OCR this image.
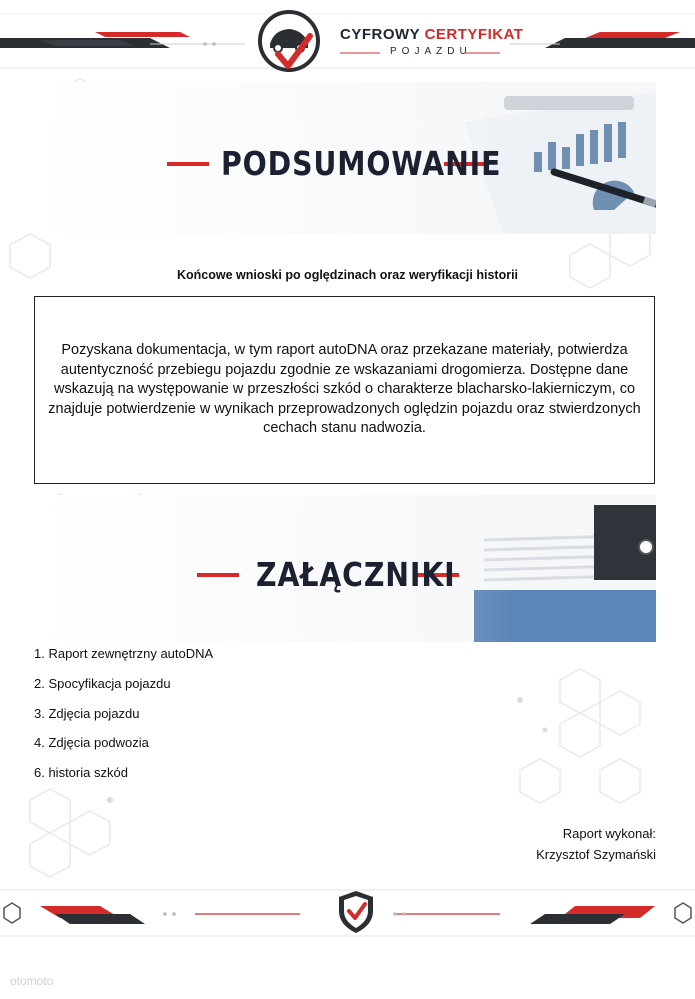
CYFROWY CERTYFIKAT
POJAZDU
PODSUMOWANIE
Końcowe wnioski po oględzinach oraz weryfikacji historii
Pozyskana dokumentacja, w tym raport autoDNA oraz przekazane materiały, potwierdza autentyczność przebiegu pojazdu zgodnie ze wskazaniami drogomierza. Dostępne dane wskazują na występowanie w przeszłości szkód o charakterze blacharsko-lakierniczym, co znajduje potwierdzenie w wynikach przeprowadzonych oględzin pojazdu oraz stwierdzonych cechach stanu nadwozia.
ZAŁĄCZNIKI
1. Raport zewnętrzny autoDNA
2. Spocyfikacja pojazdu
3. Zdjęcia pojazdu
4. Zdjęcia podwozia
6. historia szkód
Raport wykonał:
Krzysztof Szymański
otomoto
